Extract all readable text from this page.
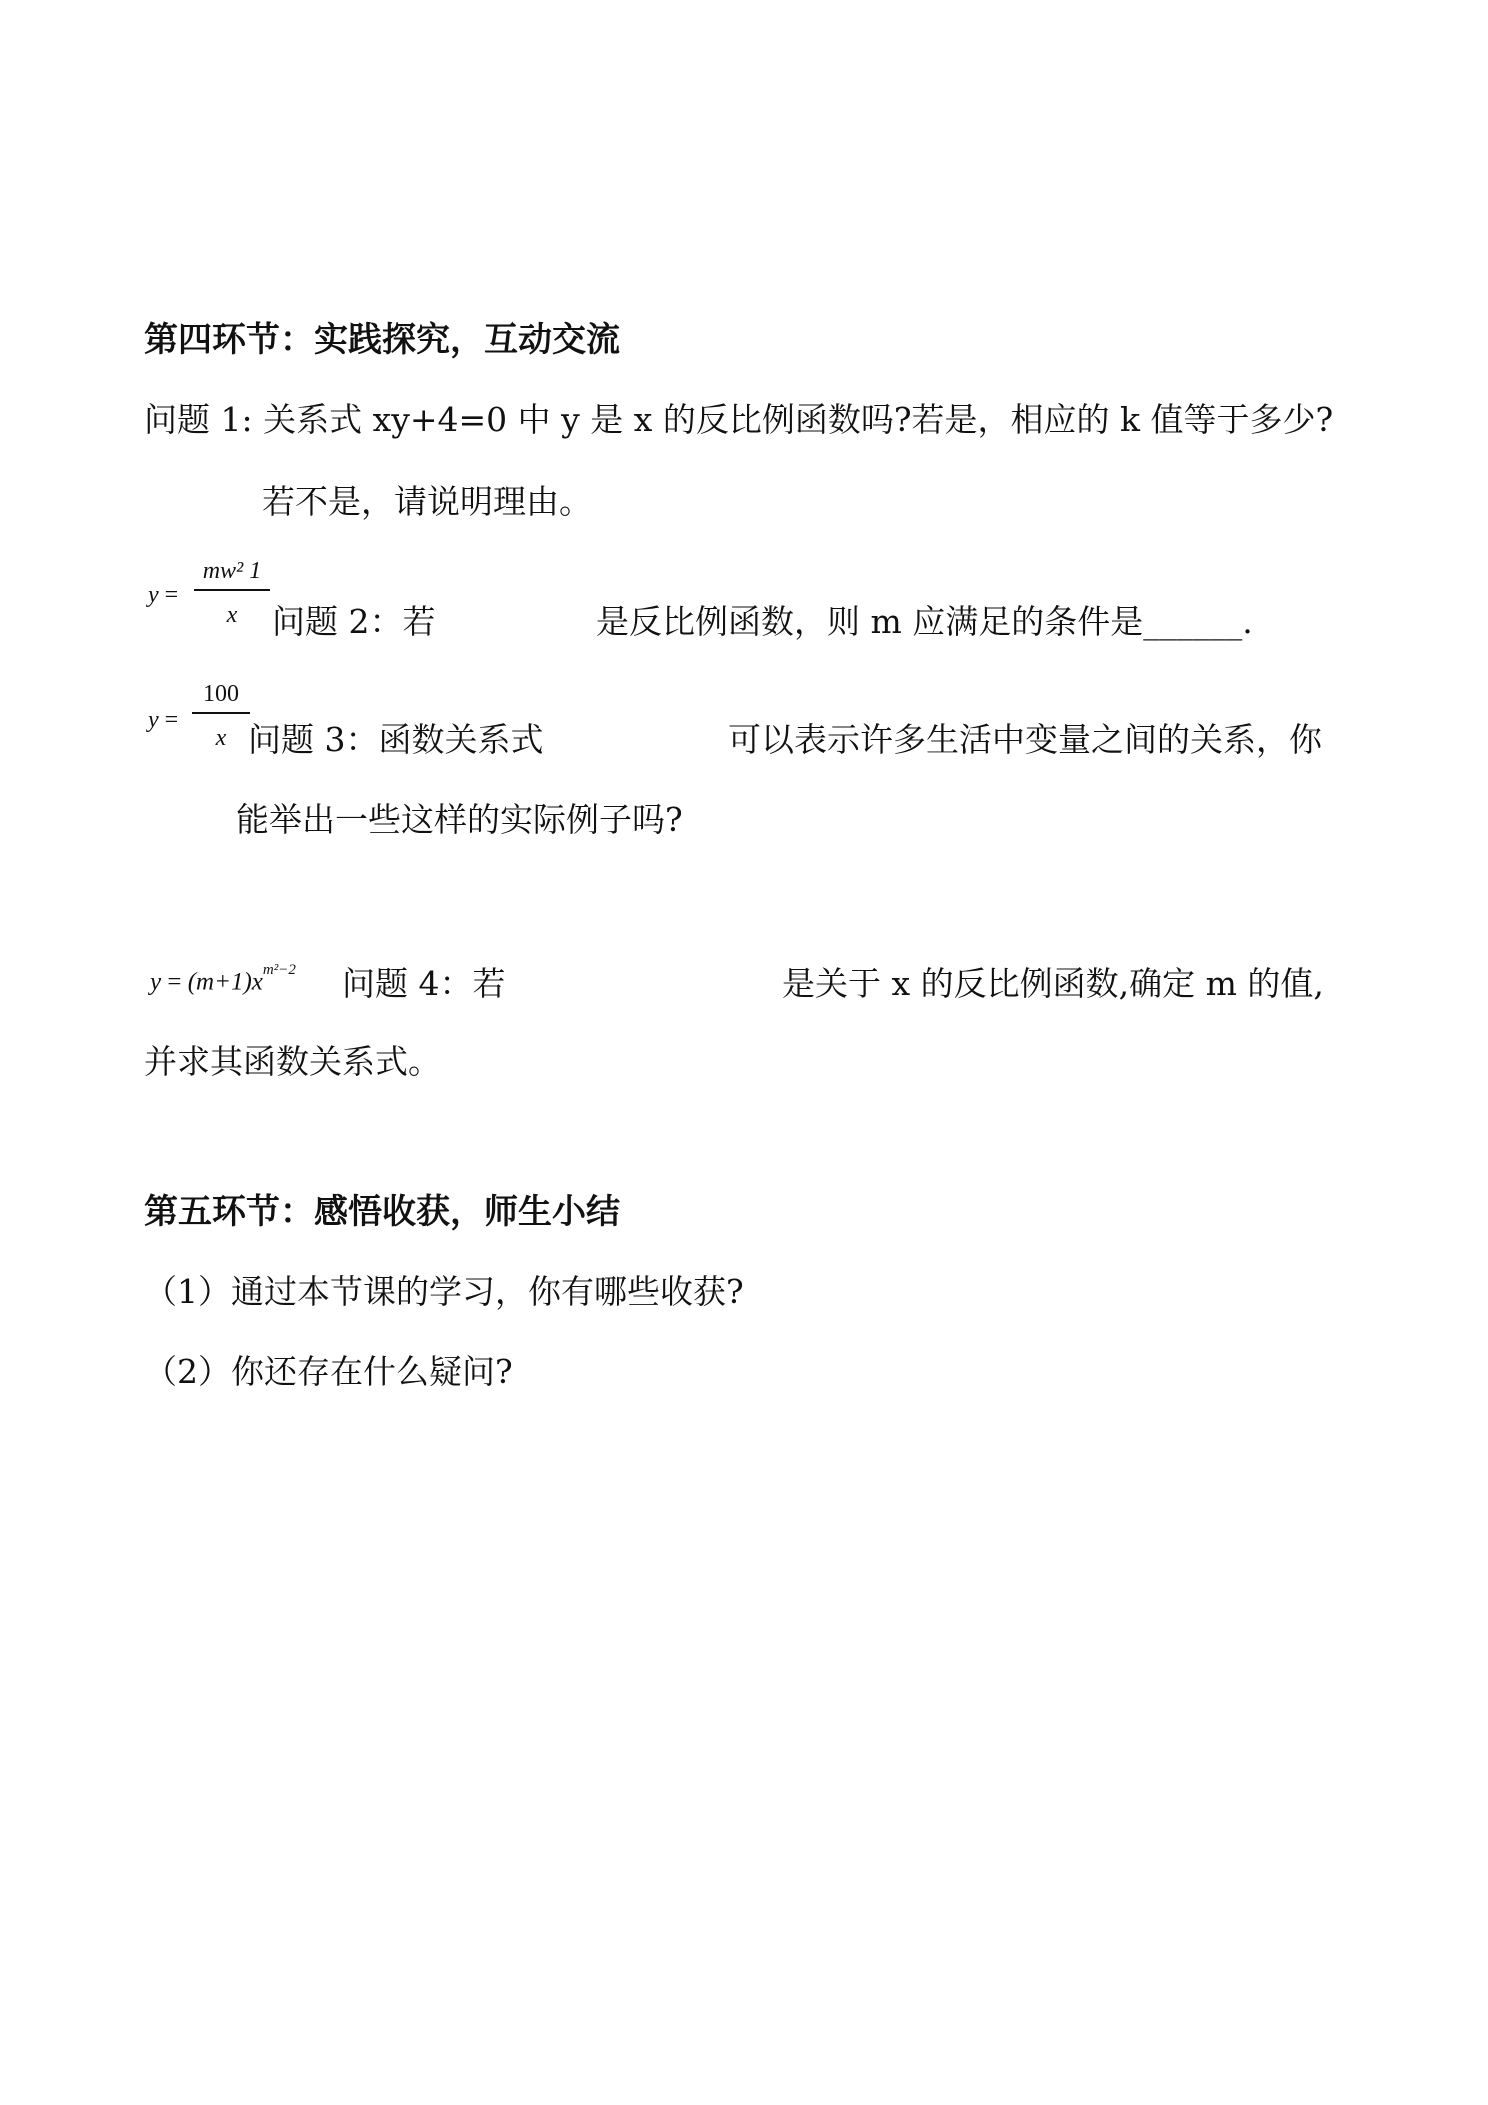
第四环节：实践探究，互动交流
问题 1: 关系式 xy+4=0 中 y 是 x 的反比例函数吗?若是，相应的 k 值等于多少?
若不是，请说明理由。
y =
mw² 1
x	问题 2：若	是反比例函数，则 m 应满足的条件是______.
y =
100
x 问题 3：函数关系式	可以表示许多生活中变量之间的关系，你
能举出一些这样的实际例子吗?
$y = (m+1)x^{m^2-2}$ 问题 4：若	是关于 x 的反比例函数,确定 m 的值,
并求其函数关系式。
第五环节：感悟收获，师生小结
（1）通过本节课的学习，你有哪些收获?
（2）你还存在什么疑问?
